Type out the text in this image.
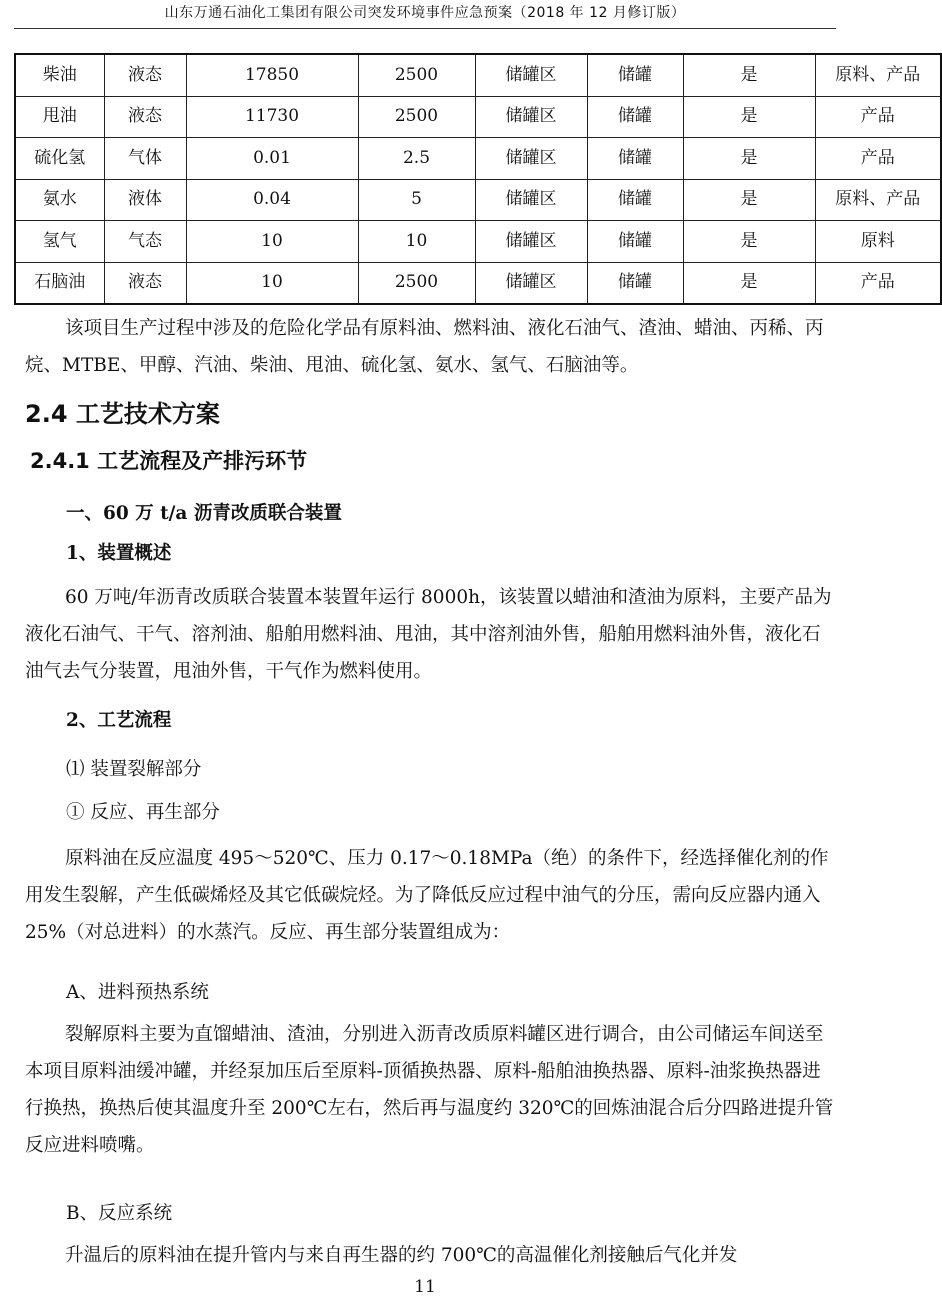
山东万通石油化工集团有限公司突发环境事件应急预案（2018 年 12 月修订版）
柴油	液态	17850	2500	储罐区	储罐	是	原料、产品
甩油	液态	11730	2500	储罐区	储罐	是	产品
硫化氢	气体	0.01	2.5	储罐区	储罐	是	产品
氨水	液体	0.04	5	储罐区	储罐	是	原料、产品
氢气	气态	10	10	储罐区	储罐	是	原料
石脑油	液态	10	2500	储罐区	储罐	是	产品

该项目生产过程中涉及的危险化学品有原料油、燃料油、液化石油气、渣油、蜡油、丙稀、丙烷、MTBE、甲醇、汽油、柴油、甩油、硫化氢、氨水、氢气、石脑油等。

2.4 工艺技术方案
2.4.1 工艺流程及产排污环节

一、60 万 t/a 沥青改质联合装置

1、装置概述

60 万吨/年沥青改质联合装置本装置年运行 8000h，该装置以蜡油和渣油为原料，主要产品为液化石油气、干气、溶剂油、船舶用燃料油、甩油，其中溶剂油外售，船舶用燃料油外售，液化石油气去气分装置，甩油外售，干气作为燃料使用。

2、工艺流程

⑴ 装置裂解部分

① 反应、再生部分

原料油在反应温度 495～520℃、压力 0.17～0.18MPa（绝）的条件下，经选择催化剂的作用发生裂解，产生低碳烯烃及其它低碳烷烃。为了降低反应过程中油气的分压，需向反应器内通入 25%（对总进料）的水蒸汽。反应、再生部分装置组成为：

A、进料预热系统

裂解原料主要为直馏蜡油、渣油，分别进入沥青改质原料罐区进行调合，由公司储运车间送至本项目原料油缓冲罐，并经泵加压后至原料-顶循换热器、原料-船舶油换热器、原料-油浆换热器进行换热，换热后使其温度升至 200℃左右，然后再与温度约 320℃的回炼油混合后分四路进提升管反应进料喷嘴。

B、反应系统

升温后的原料油在提升管内与来自再生器的约 700℃的高温催化剂接触后气化并发

11
